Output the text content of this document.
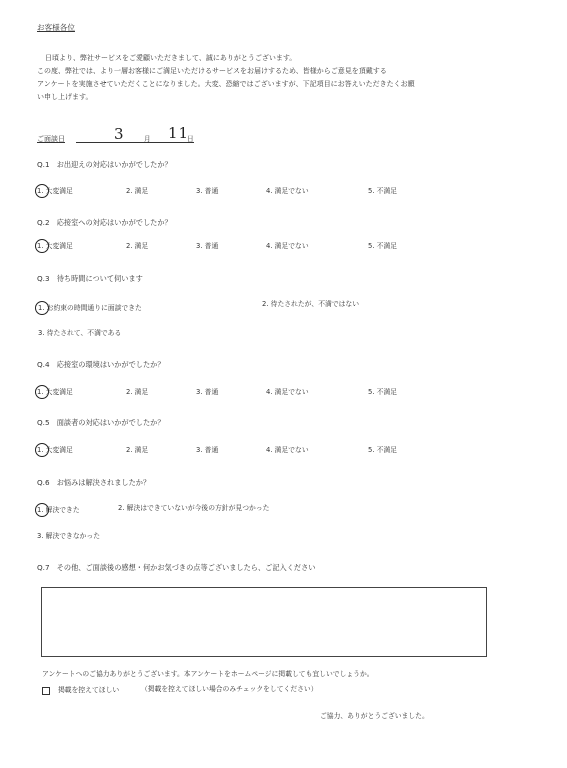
お客様各位

日頃より、弊社サービスをご愛顧いただきまして、誠にありがとうございます。

この度、弊社では、より一層お客様にご満足いただけるサービスをお届けするため、皆様からご意見を頂戴する

アンケートを実施させていただくことになりました。大変、恐縮ではございますが、下記項目にお答えいただきたくお願

い申し上げます。

ご面談日	3	月 11
日
Q.1　お出迎えの対応はいかがでしたか？
1. 大変満足	2. 満足	3. 普通	4. 満足でない	5. 不満足
Q.2　応接室への対応はいかがでしたか？
1. 大変満足	2. 満足	3. 普通	4. 満足でない	5. 不満足
Q.3　待ち時間について伺います
1. お約束の時間通りに面談できた	2. 待たされたが、不満ではない
3. 待たされて、不満である
Q.4　応接室の環境はいかがでしたか？
1. 大変満足	2. 満足	3. 普通	4. 満足でない	5. 不満足
Q.5　面談者の対応はいかがでしたか？
1. 大変満足	2. 満足	3. 普通	4. 満足でない	5. 不満足
Q.6　お悩みは解決されましたか？
1. 解決できた	2. 解決はできていないが今後の方針が見つかった
3. 解決できなかった
Q.7　その他、ご面談後の感想・何かお気づきの点等ございましたら、ご記入ください
アンケートへのご協力ありがとうございます。本アンケートをホームページに掲載しても宜しいでしょうか。
掲載を控えてほしい	（掲載を控えてほしい場合のみチェックをしてください）
ご協力、ありがとうございました。
